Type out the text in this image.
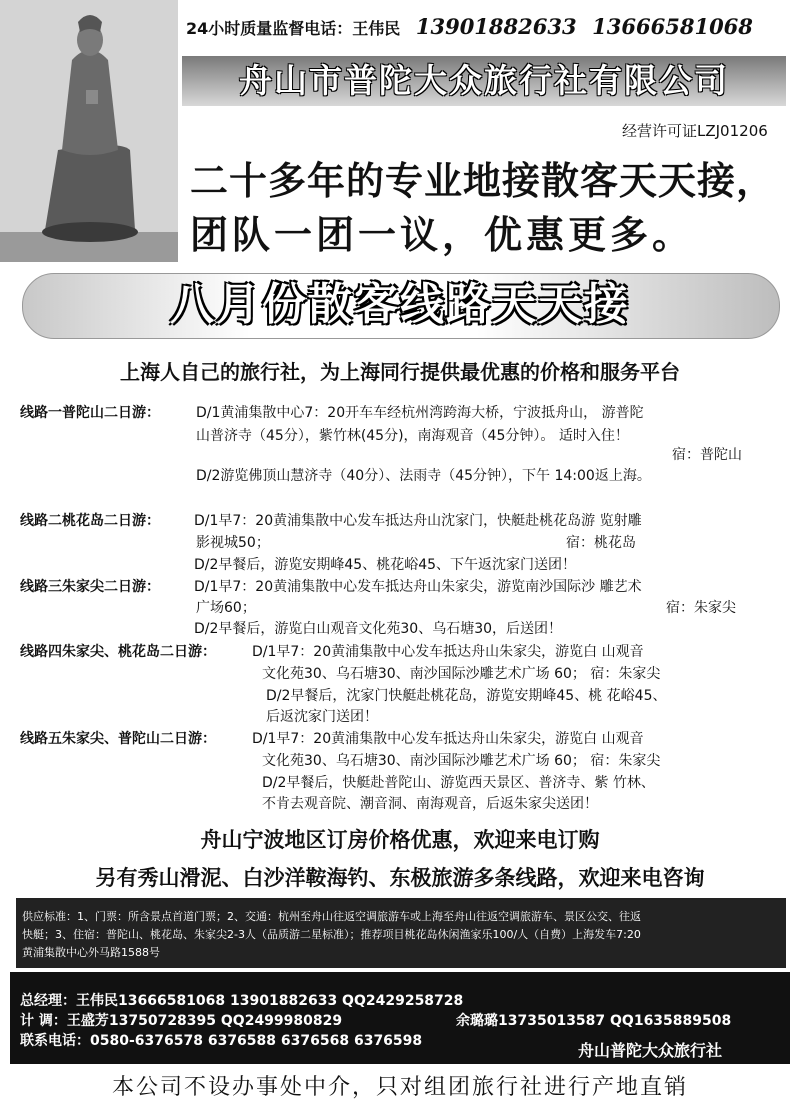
24小时质量监督电话：王伟民 13901882633 13666581068
舟山市普陀大众旅行社有限公司
经营许可证LZJ01206
二十多年的专业地接散客天天接，
团队一团一议，优惠更多。
八月份散客线路天天接
上海人自己的旅行社，为上海同行提供最优惠的价格和服务平台
线路一普陀山二日游：	D/1黄浦集散中心7：20开车车经杭州湾跨海大桥，宁波抵舟山， 游普陀
山普济寺（45分），紫竹林(45分)，南海观音（45分钟）。 适时入住！
宿：普陀山
D/2游览佛顶山慧济寺（40分）、法雨寺（45分钟），下午 14:00返上海。
线路二桃花岛二日游： D/1早7：20黄浦集散中心发车抵达舟山沈家门，快艇赴桃花岛游 览射雕
影视城50；	宿：桃花岛
D/2早餐后，游览安期峰45、桃花峪45、下午返沈家门送团！
线路三朱家尖二日游： D/1早7：20黄浦集散中心发车抵达舟山朱家尖，游览南沙国际沙 雕艺术
广场60；	宿：朱家尖
D/2早餐后，游览白山观音文化苑30、乌石塘30，后送团！
线路四朱家尖、桃花岛二日游：	D/1早7：20黄浦集散中心发车抵达舟山朱家尖，游览白 山观音
文化苑30、乌石塘30、南沙国际沙雕艺术广场 60； 宿：朱家尖
D/2早餐后，沈家门快艇赴桃花岛，游览安期峰45、桃 花峪45、
后返沈家门送团！
线路五朱家尖、普陀山二日游：	D/1早7：20黄浦集散中心发车抵达舟山朱家尖，游览白 山观音
文化苑30、乌石塘30、南沙国际沙雕艺术广场 60； 宿：朱家尖
D/2早餐后，快艇赴普陀山、游览西天景区、普济寺、紫 竹林、
不肯去观音院、潮音洞、南海观音，后返朱家尖送团！
舟山宁波地区订房价格优惠，欢迎来电订购
另有秀山滑泥、白沙洋鞍海钓、东极旅游多条线路，欢迎来电咨询
供应标准：1、门票：所含景点首道门票；2、交通：杭州至舟山往返空调旅游车或上海至舟山往返空调旅游车、景区公交、往返
快艇；3、住宿：普陀山、桃花岛、朱家尖2-3人（品质游二星标准）；推荐项目桃花岛休闲渔家乐100/人（自费）上海发车7:20
黄浦集散中心外马路1588号
总经理：王伟民13666581068 13901882633 QQ2429258728
计 调：王盛芳13750728395 QQ2499980829	余璐璐13735013587 QQ1635889508
联系电话：0580-6376578 6376588 6376568 6376598	舟山普陀大众旅行社
本公司不设办事处中介，只对组团旅行社进行产地直销
